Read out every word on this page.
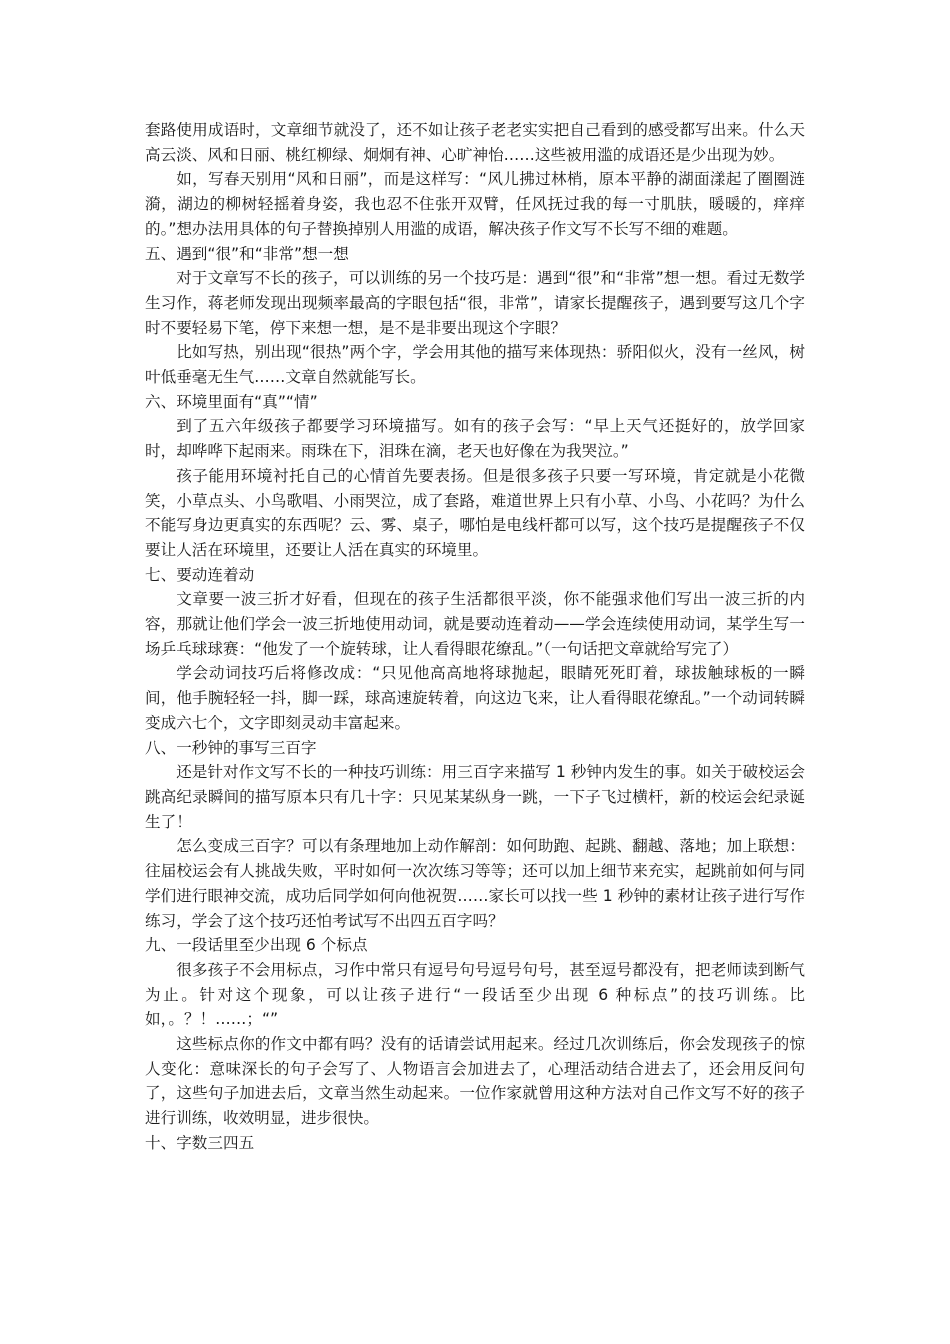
套路使用成语时，文章细节就没了，还不如让孩子老老实实把自己看到的感受都写出来。什么天高云淡、风和日丽、桃红柳绿、炯炯有神、心旷神怡……这些被用滥的成语还是少出现为妙。

如，写春天别用“风和日丽”，而是这样写：“风儿拂过林梢，原本平静的湖面漾起了圈圈涟漪，湖边的柳树轻摇着身姿，我也忍不住张开双臂，任风抚过我的每一寸肌肤，暖暖的，痒痒的。”想办法用具体的句子替换掉别人用滥的成语，解决孩子作文写不长写不细的难题。

五、遇到“很”和“非常”想一想

对于文章写不长的孩子，可以训练的另一个技巧是：遇到“很”和“非常”想一想。看过无数学生习作，蒋老师发现出现频率最高的字眼包括“很，非常”，请家长提醒孩子，遇到要写这几个字时不要轻易下笔，停下来想一想，是不是非要出现这个字眼？

比如写热，别出现“很热”两个字，学会用其他的描写来体现热：骄阳似火，没有一丝风，树叶低垂毫无生气……文章自然就能写长。

六、环境里面有“真”“情”

到了五六年级孩子都要学习环境描写。如有的孩子会写：“早上天气还挺好的，放学回家时，却哗哗下起雨来。雨珠在下，泪珠在滴，老天也好像在为我哭泣。”

孩子能用环境衬托自己的心情首先要表扬。但是很多孩子只要一写环境，肯定就是小花微笑，小草点头、小鸟歌唱、小雨哭泣，成了套路，难道世界上只有小草、小鸟、小花吗？为什么不能写身边更真实的东西呢？云、雾、桌子，哪怕是电线杆都可以写，这个技巧是提醒孩子不仅要让人活在环境里，还要让人活在真实的环境里。

七、要动连着动

文章要一波三折才好看，但现在的孩子生活都很平淡，你不能强求他们写出一波三折的内容，那就让他们学会一波三折地使用动词，就是要动连着动——学会连续使用动词，某学生写一场乒乓球球赛：“他发了一个旋转球，让人看得眼花缭乱。”（一句话把文章就给写完了）

学会动词技巧后将修改成：“只见他高高地将球抛起，眼睛死死盯着，球拔触球板的一瞬间，他手腕轻轻一抖，脚一踩，球高速旋转着，向这边飞来，让人看得眼花缭乱。”一个动词转瞬变成六七个，文字即刻灵动丰富起来。

八、一秒钟的事写三百字

还是针对作文写不长的一种技巧训练：用三百字来描写 1 秒钟内发生的事。如关于破校运会跳高纪录瞬间的描写原本只有几十字：只见某某纵身一跳，一下子飞过横杆，新的校运会纪录诞生了！

怎么变成三百字？可以有条理地加上动作解剖：如何助跑、起跳、翻越、落地；加上联想：往届校运会有人挑战失败，平时如何一次次练习等等；还可以加上细节来充实，起跳前如何与同学们进行眼神交流，成功后同学如何向他祝贺……家长可以找一些 1 秒钟的素材让孩子进行写作练习，学会了这个技巧还怕考试写不出四五百字吗？

九、一段话里至少出现 6 个标点

很多孩子不会用标点，习作中常只有逗号句号逗号句号，甚至逗号都没有，把老师读到断气为止。针对这个现象，可以让孩子进行“一段话至少出现 6 种标点”的技巧训练。比如，。？！……；“”

这些标点你的作文中都有吗？没有的话请尝试用起来。经过几次训练后，你会发现孩子的惊人变化：意味深长的句子会写了、人物语言会加进去了，心理活动结合进去了，还会用反问句了，这些句子加进去后，文章当然生动起来。一位作家就曾用这种方法对自己作文写不好的孩子进行训练，收效明显，进步很快。

十、字数三四五
